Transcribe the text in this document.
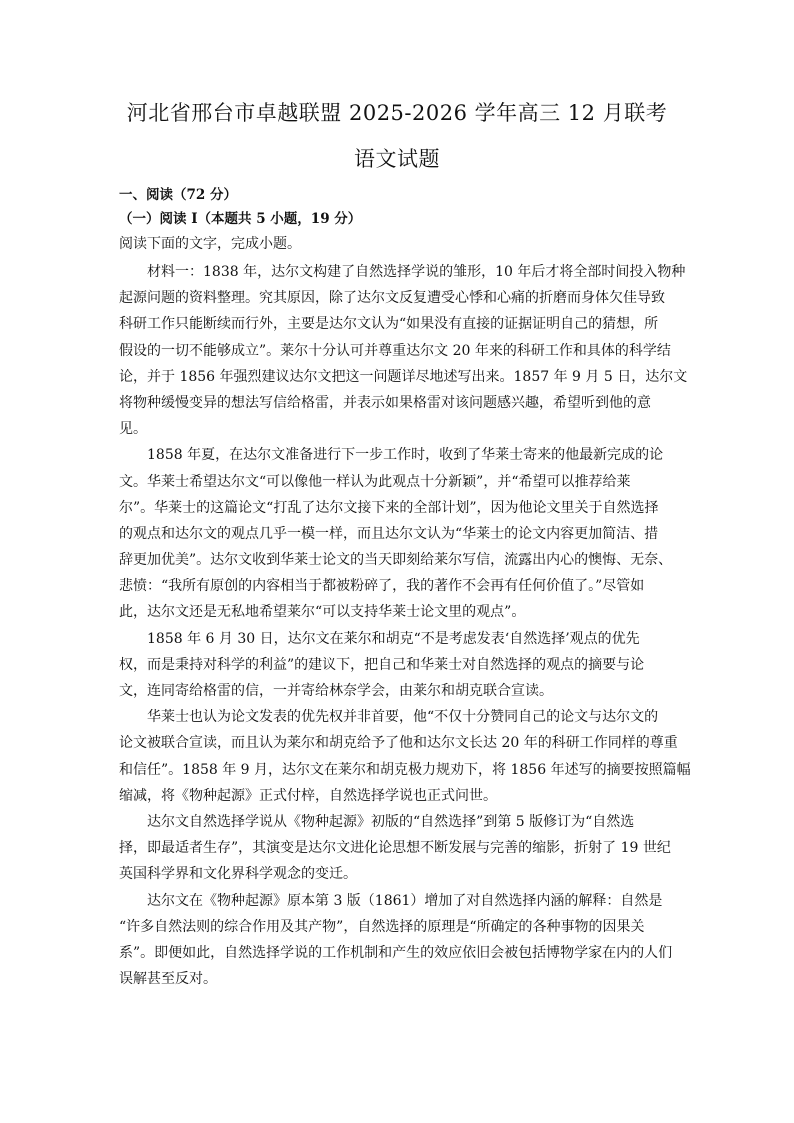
河北省邢台市卓越联盟 2025-2026 学年高三 12 月联考
语文试题
一、阅读（72 分）
（一）阅读 I（本题共 5 小题，19 分）

阅读下面的文字，完成小题。

材料一：1838 年，达尔文构建了自然选择学说的雏形，10 年后才将全部时间投入物种
起源问题的资料整理。究其原因，除了达尔文反复遭受心悸和心痛的折磨而身体欠佳导致
科研工作只能断续而行外，主要是达尔文认为“如果没有直接的证据证明自己的猜想，所
假设的一切不能够成立”。莱尔十分认可并尊重达尔文 20 年来的科研工作和具体的科学结
论，并于 1856 年强烈建议达尔文把这一问题详尽地述写出来。1857 年 9 月 5 日，达尔文
将物种缓慢变异的想法写信给格雷，并表示如果格雷对该问题感兴趣，希望听到他的意
见。

1858 年夏，在达尔文准备进行下一步工作时，收到了华莱士寄来的他最新完成的论
文。华莱士希望达尔文“可以像他一样认为此观点十分新颖”，并“希望可以推荐给莱
尔”。华莱士的这篇论文“打乱了达尔文接下来的全部计划”，因为他论文里关于自然选择
的观点和达尔文的观点几乎一模一样，而且达尔文认为“华莱士的论文内容更加简洁、措
辞更加优美”。达尔文收到华莱士论文的当天即刻给莱尔写信，流露出内心的懊悔、无奈、
悲愤：“我所有原创的内容相当于都被粉碎了，我的著作不会再有任何价值了。”尽管如
此，达尔文还是无私地希望莱尔“可以支持华莱士论文里的观点”。

1858 年 6 月 30 日，达尔文在莱尔和胡克“不是考虑发表‘自然选择’观点的优先
权，而是秉持对科学的利益”的建议下，把自己和华莱士对自然选择的观点的摘要与论
文，连同寄给格雷的信，一并寄给林奈学会，由莱尔和胡克联合宣读。

华莱士也认为论文发表的优先权并非首要，他“不仅十分赞同自己的论文与达尔文的
论文被联合宣读，而且认为莱尔和胡克给予了他和达尔文长达 20 年的科研工作同样的尊重
和信任”。1858 年 9 月，达尔文在莱尔和胡克极力规劝下，将 1856 年述写的摘要按照篇幅
缩减，将《物种起源》正式付梓，自然选择学说也正式问世。

达尔文自然选择学说从《物种起源》初版的“自然选择”到第 5 版修订为“自然选
择，即最适者生存”，其演变是达尔文进化论思想不断发展与完善的缩影，折射了 19 世纪
英国科学界和文化界科学观念的变迁。

达尔文在《物种起源》原本第 3 版（1861）增加了对自然选择内涵的解释：自然是
“许多自然法则的综合作用及其产物”，自然选择的原理是“所确定的各种事物的因果关
系”。即便如此，自然选择学说的工作机制和产生的效应依旧会被包括博物学家在内的人们
误解甚至反对。
